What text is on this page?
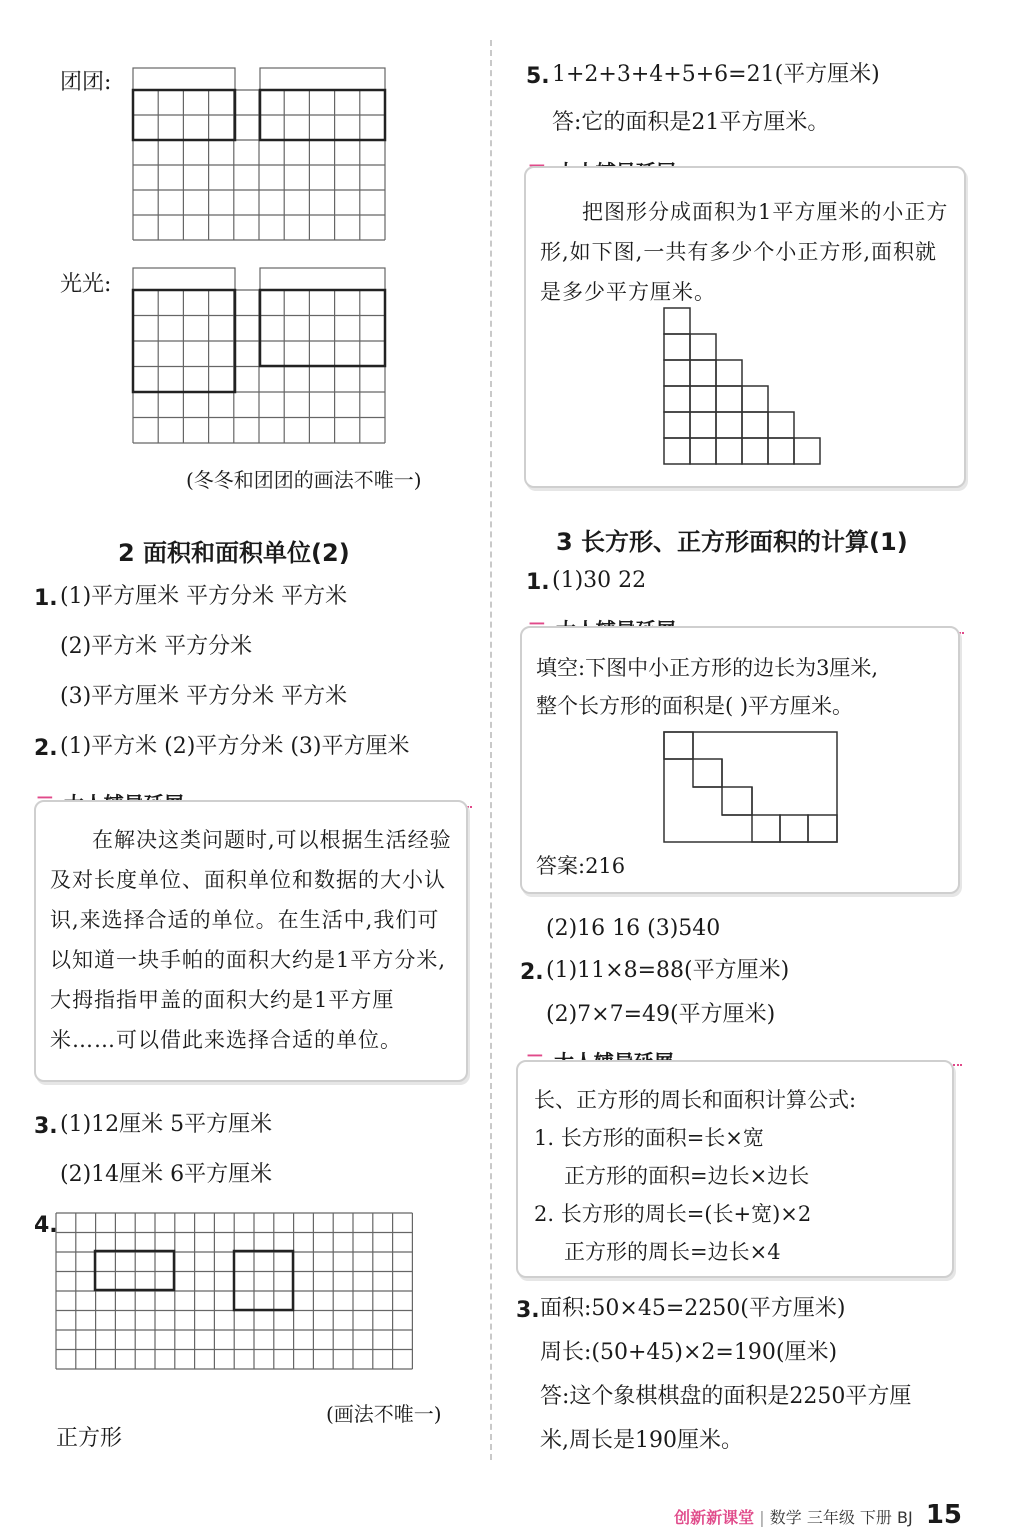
团团:
光光:
(冬冬和团团的画法不唯一)
2 面积和面积单位(2)
1. (1)平方厘米 平方分米 平方米
(2)平方米 平方分米
(3)平方厘米 平方分米 平方米
2. (1)平方米 (2)平方分米 (3)平方厘米
在解决这类问题时,可以根据生活经验及对长度单位、面积单位和数据的大小认识,来选择合适的单位。在生活中,我们可以知道一块手帕的面积大约是1平方分米,大拇指指甲盖的面积大约是1平方厘米……可以借此来选择合适的单位。
3. (1)12厘米 5平方厘米
(2)14厘米 6平方厘米
4.
(画法不唯一)
正方形
5. 1+2+3+4+5+6=21(平方厘米)
答:它的面积是21平方厘米。
把图形分成面积为1平方厘米的小正方形,如下图,一共有多少个小正方形,面积就是多少平方厘米。
3 长方形、正方形面积的计算(1)
1. (1)30 22
填空:下图中小正方形的边长为3厘米,
整个长方形的面积是( )平方厘米。
答案:216
(2)16 16 (3)540
2. (1)11×8=88(平方厘米)
(2)7×7=49(平方厘米)
长、正方形的周长和面积计算公式:
1. 长方形的面积=长×宽
正方形的面积=边长×边长
2. 长方形的周长=(长+宽)×2
正方形的周长=边长×4
3. 面积:50×45=2250(平方厘米)
周长:(50+45)×2=190(厘米)
答:这个象棋棋盘的面积是2250平方厘
米,周长是190厘米。
创新新课堂 | 数学 三年级 下册 BJ 15
